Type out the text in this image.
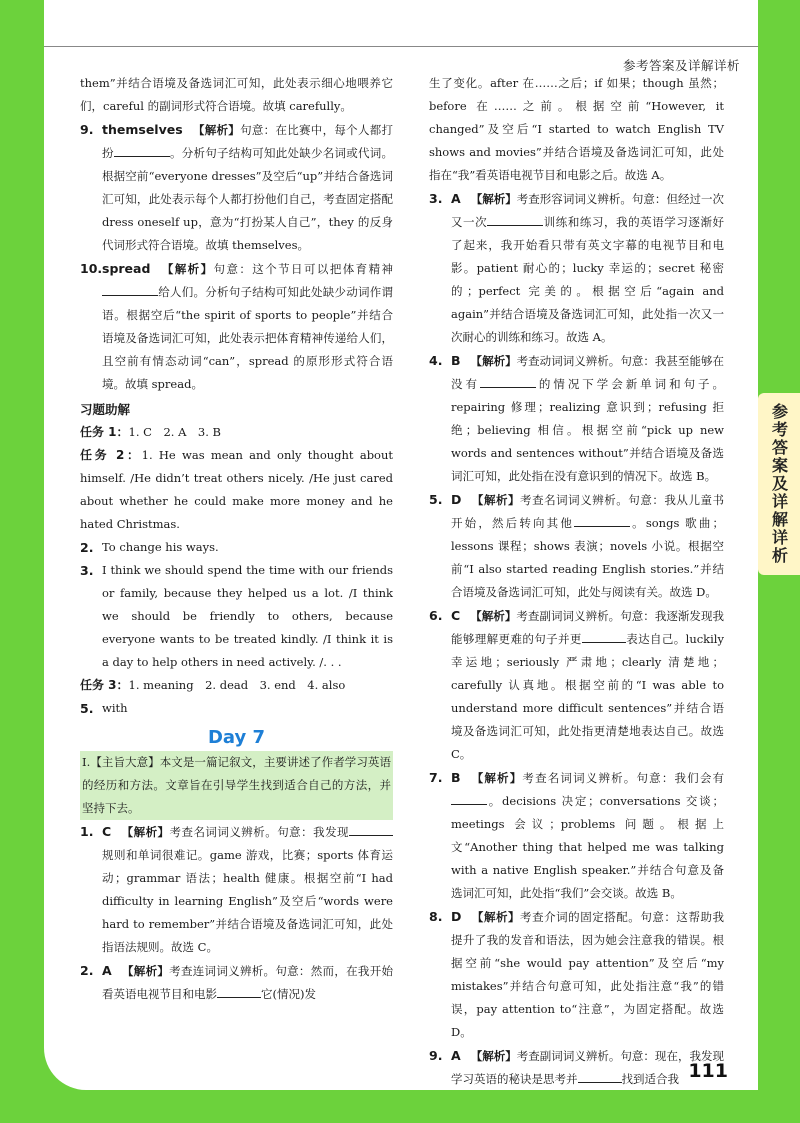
参考答案及详解详析
参考答案及详解详析

them”并结合语境及备选词汇可知，此处表示细心地喂养它们，careful 的副词形式符合语境。故填 carefully。

9. themselves 【解析】句意：在比赛中，每个人都打扮	。分析句子结构可知此处缺少名词或代词。根据空前“everyone dresses”及空后“up”并结合备选词汇可知，此处表示每个人都打扮他们自己，考查固定搭配 dress oneself up，意为“打扮某人自己”，they 的反身代词形式符合语境。故填 themselves。
10. spread 【解析】句意：这个节日可以把体育精神给人们。分析句子结构可知此处缺少动词作谓语。根据空后“the spirit of sports to people”并结合语境及备选词汇可知，此处表示把体育精神传递给人们，且空前有情态动词“can”，spread 的原形形式符合语境。故填 spread。
习题助解
任务 1：1. C　2. A　3. B
任务 2：1. He was mean and only thought about himself. /He didn’t treat others nicely. /He just cared about whether he could make more money and he hated Christmas.
2. To change his ways.
3. I think we should spend the time with our friends or family, because they helped us a lot. /I think we should be friendly to others, because everyone wants to be treated kindly. /I think it is a day to help others in need actively. /. . .
任务 3：1. meaning　2. dead　3. end　4. also
5. with
Day 7
Ⅰ.【主旨大意】本文是一篇记叙文，主要讲述了作者学习英语的经历和方法。文章旨在引导学生找到适合自己的方法，并坚持下去。
1. C 【解析】考查名词词义辨析。句意：我发现规则和单词很难记。game 游戏，比赛；sports 体育运动；grammar 语法；health 健康。根据空前“I had difficulty in learning English”及空后“words were hard to remember”并结合语境及备选词汇可知，此处指语法规则。故选 C。
2. A 【解析】考查连词词义辨析。句意：然而，在我开始看英语电视节目和电影	它(情况)发

生了变化。after 在……之后；if 如果；though 虽然；before 在……之前。根据空前“However, it changed”及空后“I started to watch English TV shows and movies”并结合语境及备选词汇可知，此处指在“我”看英语电视节目和电影之后。故选 A。

3. A 【解析】考查形容词词义辨析。句意：但经过一次又一次	训练和练习，我的英语学习逐渐好了起来，我开始看只带有英文字幕的电视节目和电影。patient 耐心的；lucky 幸运的；secret 秘密的；perfect 完美的。根据空后“again and again”并结合语境及备选词汇可知，此处指一次又一次耐心的训练和练习。故选 A。
4. B 【解析】考查动词词义辨析。句意：我甚至能够在没有	的情况下学会新单词和句子。repairing 修理；realizing 意识到；refusing 拒绝；believing 相信。根据空前“pick up new words and sentences without”并结合语境及备选词汇可知，此处指在没有意识到的情况下。故选 B。
5. D 【解析】考查名词词义辨析。句意：我从儿童书开始，然后转向其他	。songs 歌曲；lessons 课程；shows 表演；novels 小说。根据空前“I also started reading English stories.”并结合语境及备选词汇可知，此处与阅读有关。故选 D。
6. C 【解析】考查副词词义辨析。句意：我逐渐发现我能够理解更难的句子并更	表达自己。luckily 幸运地；seriously 严肃地；clearly 清楚地；carefully 认真地。根据空前的“I was able to understand more difficult sentences”并结合语境及备选词汇可知，此处指更清楚地表达自己。故选 C。
7. B 【解析】考查名词词义辨析。句意：我们会有。decisions 决定；conversations 交谈；meetings 会议；problems 问题。根据上文“Another thing that helped me was talking with a native English speaker.”并结合句意及备选词汇可知，此处指“我们”会交谈。故选 B。
8. D 【解析】考查介词的固定搭配。句意：这帮助我提升了我的发音和语法，因为她会注意我的错误。根据空前“she would pay attention”及空后“my mistakes”并结合句意可知，此处指注意“我”的错误，pay attention to“注意”，为固定搭配。故选 D。
9. A 【解析】考查副词词义辨析。句意：现在，我发现学习英语的秘诀是思考并	找到适合我 111
